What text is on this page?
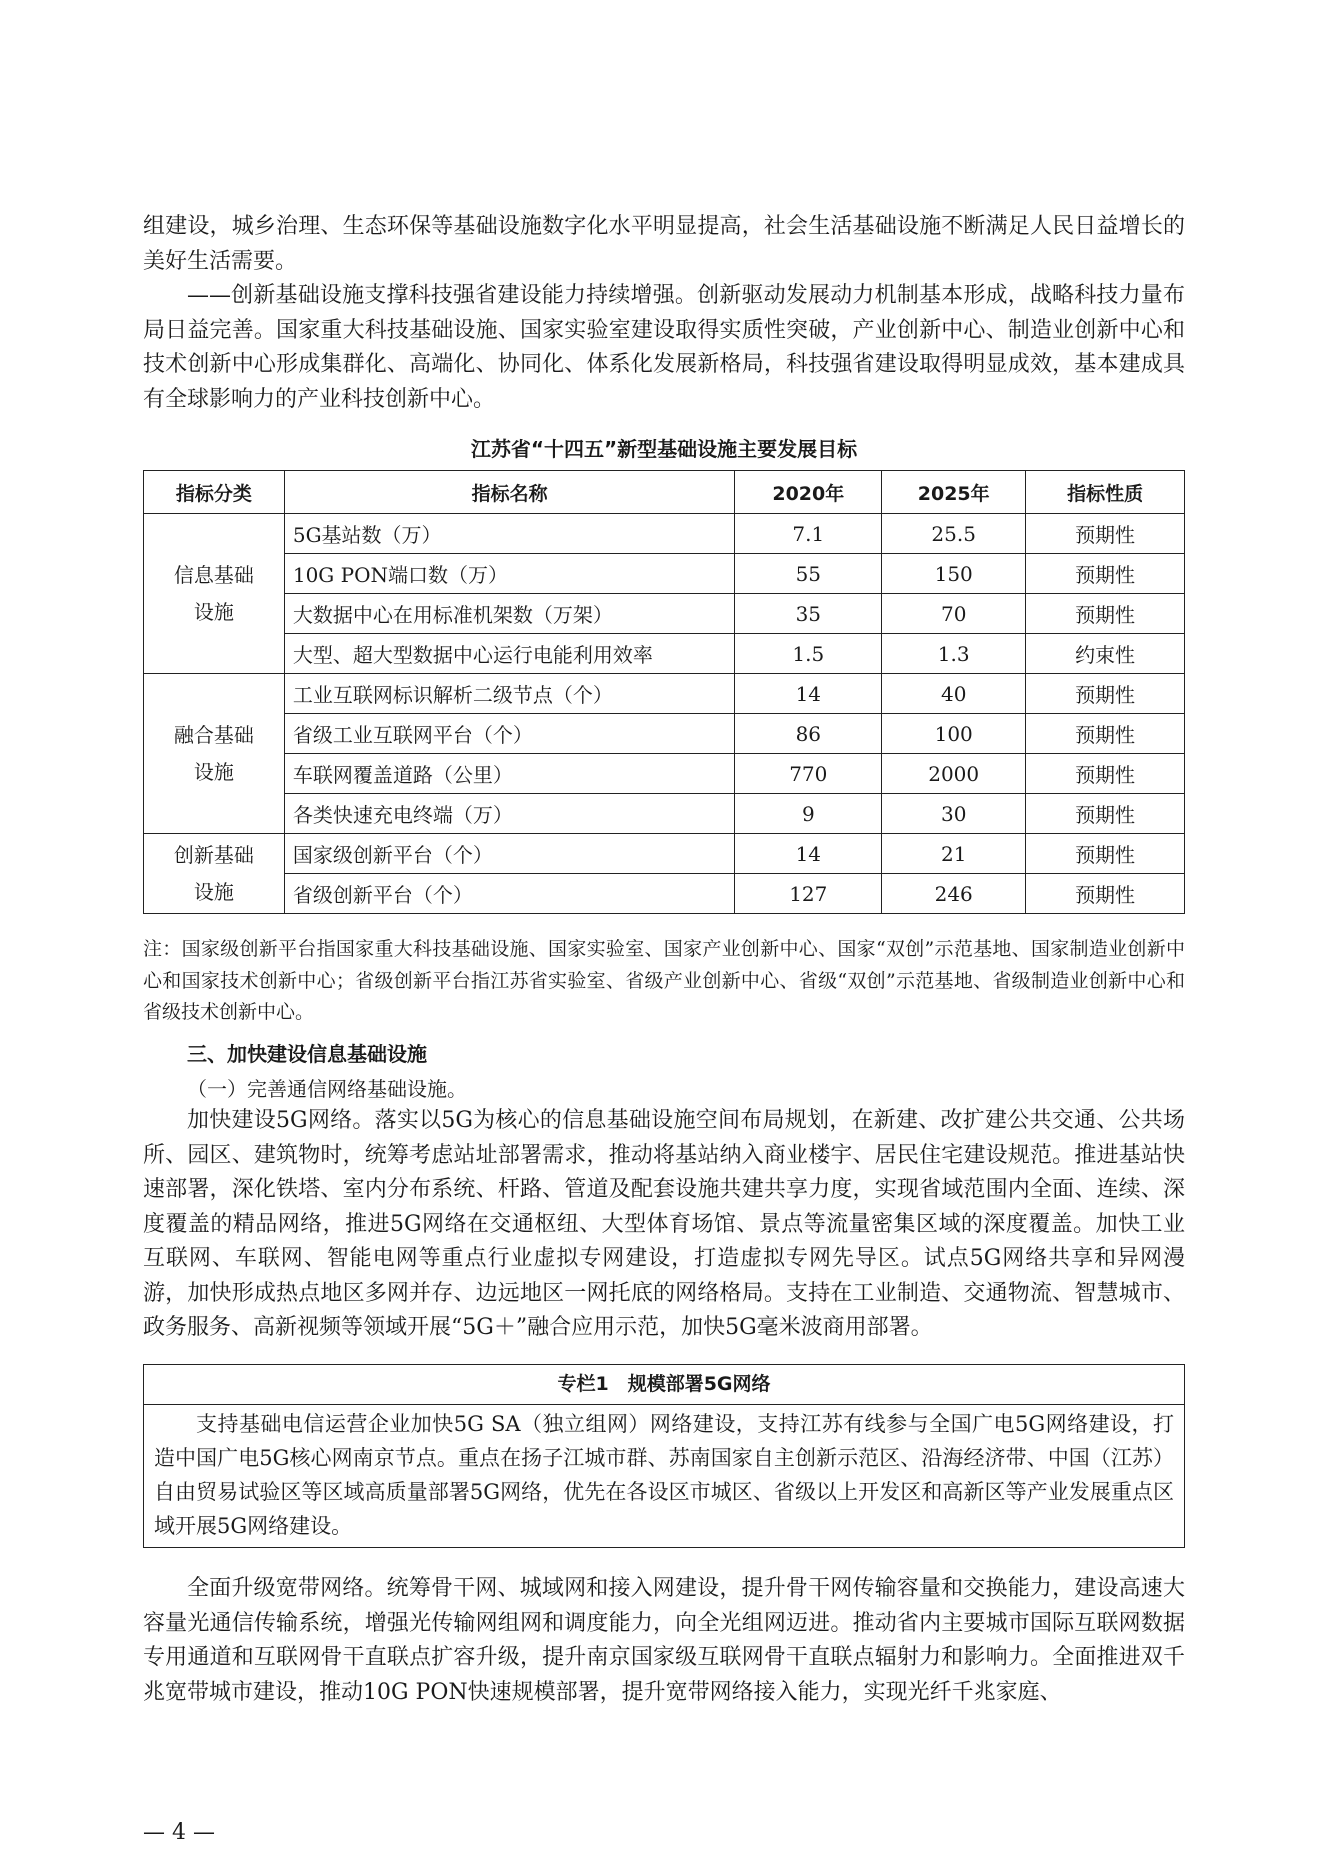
组建设，城乡治理、生态环保等基础设施数字化水平明显提高，社会生活基础设施不断满足人民日益增长的美好生活需要。

——创新基础设施支撑科技强省建设能力持续增强。创新驱动发展动力机制基本形成，战略科技力量布局日益完善。国家重大科技基础设施、国家实验室建设取得实质性突破，产业创新中心、制造业创新中心和技术创新中心形成集群化、高端化、协同化、体系化发展新格局，科技强省建设取得明显成效，基本建成具有全球影响力的产业科技创新中心。

江苏省“十四五”新型基础设施主要发展目标
指标分类	指标名称	2020年	2025年	指标性质
信息基础
设施	5G基站数（万）	7.1	25.5	预期性
	10G PON端口数（万）	55	150	预期性
	大数据中心在用标准机架数（万架）	35	70	预期性
	大型、超大型数据中心运行电能利用效率	1.5	1.3	约束性
融合基础
设施	工业互联网标识解析二级节点（个）	14	40	预期性
	省级工业互联网平台（个）	86	100	预期性
	车联网覆盖道路（公里）	770	2000	预期性
	各类快速充电终端（万）	9	30	预期性
创新基础
设施	国家级创新平台（个）	14	21	预期性
	省级创新平台（个）	127	246	预期性
注：国家级创新平台指国家重大科技基础设施、国家实验室、国家产业创新中心、国家“双创”示范基地、国家制造业创新中心和国家技术创新中心；省级创新平台指江苏省实验室、省级产业创新中心、省级“双创”示范基地、省级制造业创新中心和省级技术创新中心。
三、加快建设信息基础设施
（一）完善通信网络基础设施。

加快建设5G网络。落实以5G为核心的信息基础设施空间布局规划，在新建、改扩建公共交通、公共场所、园区、建筑物时，统筹考虑站址部署需求，推动将基站纳入商业楼宇、居民住宅建设规范。推进基站快速部署，深化铁塔、室内分布系统、杆路、管道及配套设施共建共享力度，实现省域范围内全面、连续、深度覆盖的精品网络，推进5G网络在交通枢纽、大型体育场馆、景点等流量密集区域的深度覆盖。加快工业互联网、车联网、智能电网等重点行业虚拟专网建设，打造虚拟专网先导区。试点5G网络共享和异网漫游，加快形成热点地区多网并存、边远地区一网托底的网络格局。支持在工业制造、交通物流、智慧城市、政务服务、高新视频等领域开展“5G＋”融合应用示范，加快5G毫米波商用部署。

专栏1　规模部署5G网络

支持基础电信运营企业加快5G SA（独立组网）网络建设，支持江苏有线参与全国广电5G网络建设，打造中国广电5G核心网南京节点。重点在扬子江城市群、苏南国家自主创新示范区、沿海经济带、中国（江苏）自由贸易试验区等区域高质量部署5G网络，优先在各设区市城区、省级以上开发区和高新区等产业发展重点区域开展5G网络建设。

全面升级宽带网络。统筹骨干网、城域网和接入网建设，提升骨干网传输容量和交换能力，建设高速大容量光通信传输系统，增强光传输网组网和调度能力，向全光组网迈进。推动省内主要城市国际互联网数据专用通道和互联网骨干直联点扩容升级，提升南京国家级互联网骨干直联点辐射力和影响力。全面推进双千兆宽带城市建设，推动10G PON快速规模部署，提升宽带网络接入能力，实现光纤千兆家庭、

— 4 —
